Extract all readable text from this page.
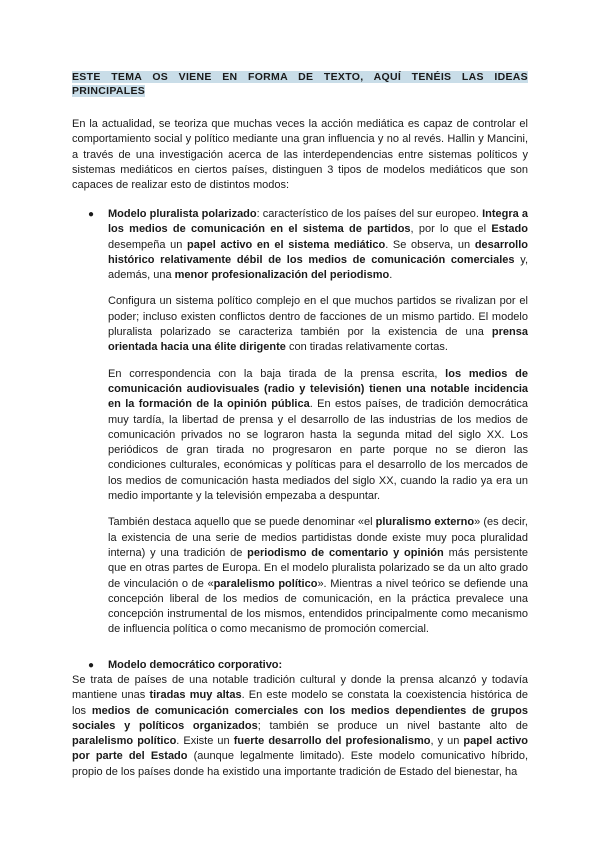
ESTE TEMA OS VIENE EN FORMA DE TEXTO, AQUÍ TENÉIS LAS IDEAS PRINCIPALES
En la actualidad, se teoriza que muchas veces la acción mediática es capaz de controlar el comportamiento social y político mediante una gran influencia y no al revés. Hallin y Mancini, a través de una investigación acerca de las interdependencias entre sistemas políticos y sistemas mediáticos en ciertos países, distinguen 3 tipos de modelos mediáticos que son capaces de realizar esto de distintos modos:
● Modelo pluralista polarizado: característico de los países del sur europeo. Integra a los medios de comunicación en el sistema de partidos, por lo que el Estado desempeña un papel activo en el sistema mediático. Se observa, un desarrollo histórico relativamente débil de los medios de comunicación comerciales y, además, una menor profesionalización del periodismo.

Configura un sistema político complejo en el que muchos partidos se rivalizan por el poder; incluso existen conflictos dentro de facciones de un mismo partido. El modelo pluralista polarizado se caracteriza también por la existencia de una prensa orientada hacia una élite dirigente con tiradas relativamente cortas.

En correspondencia con la baja tirada de la prensa escrita, los medios de comunicación audiovisuales (radio y televisión) tienen una notable incidencia en la formación de la opinión pública. En estos países, de tradición democrática muy tardía, la libertad de prensa y el desarrollo de las industrias de los medios de comunicación privados no se lograron hasta la segunda mitad del siglo XX. Los periódicos de gran tirada no progresaron en parte porque no se dieron las condiciones culturales, económicas y políticas para el desarrollo de los mercados de los medios de comunicación hasta mediados del siglo XX, cuando la radio ya era un medio importante y la televisión empezaba a despuntar.

También destaca aquello que se puede denominar «el pluralismo externo» (es decir, la existencia de una serie de medios partidistas donde existe muy poca pluralidad interna) y una tradición de periodismo de comentario y opinión más persistente que en otras partes de Europa. En el modelo pluralista polarizado se da un alto grado de vinculación o de «paralelismo político». Mientras a nivel teórico se defiende una concepción liberal de los medios de comunicación, en la práctica prevalece una concepción instrumental de los mismos, entendidos principalmente como mecanismo de influencia política o como mecanismo de promoción comercial.

● Modelo democrático corporativo:
Se trata de países de una notable tradición cultural y donde la prensa alcanzó y todavía mantiene unas tiradas muy altas. En este modelo se constata la coexistencia histórica de los medios de comunicación comerciales con los medios dependientes de grupos sociales y políticos organizados; también se produce un nivel bastante alto de paralelismo político. Existe un fuerte desarrollo del profesionalismo, y un papel activo por parte del Estado (aunque legalmente limitado). Este modelo comunicativo híbrido, propio de los países donde ha existido una importante tradición de Estado del bienestar, ha
